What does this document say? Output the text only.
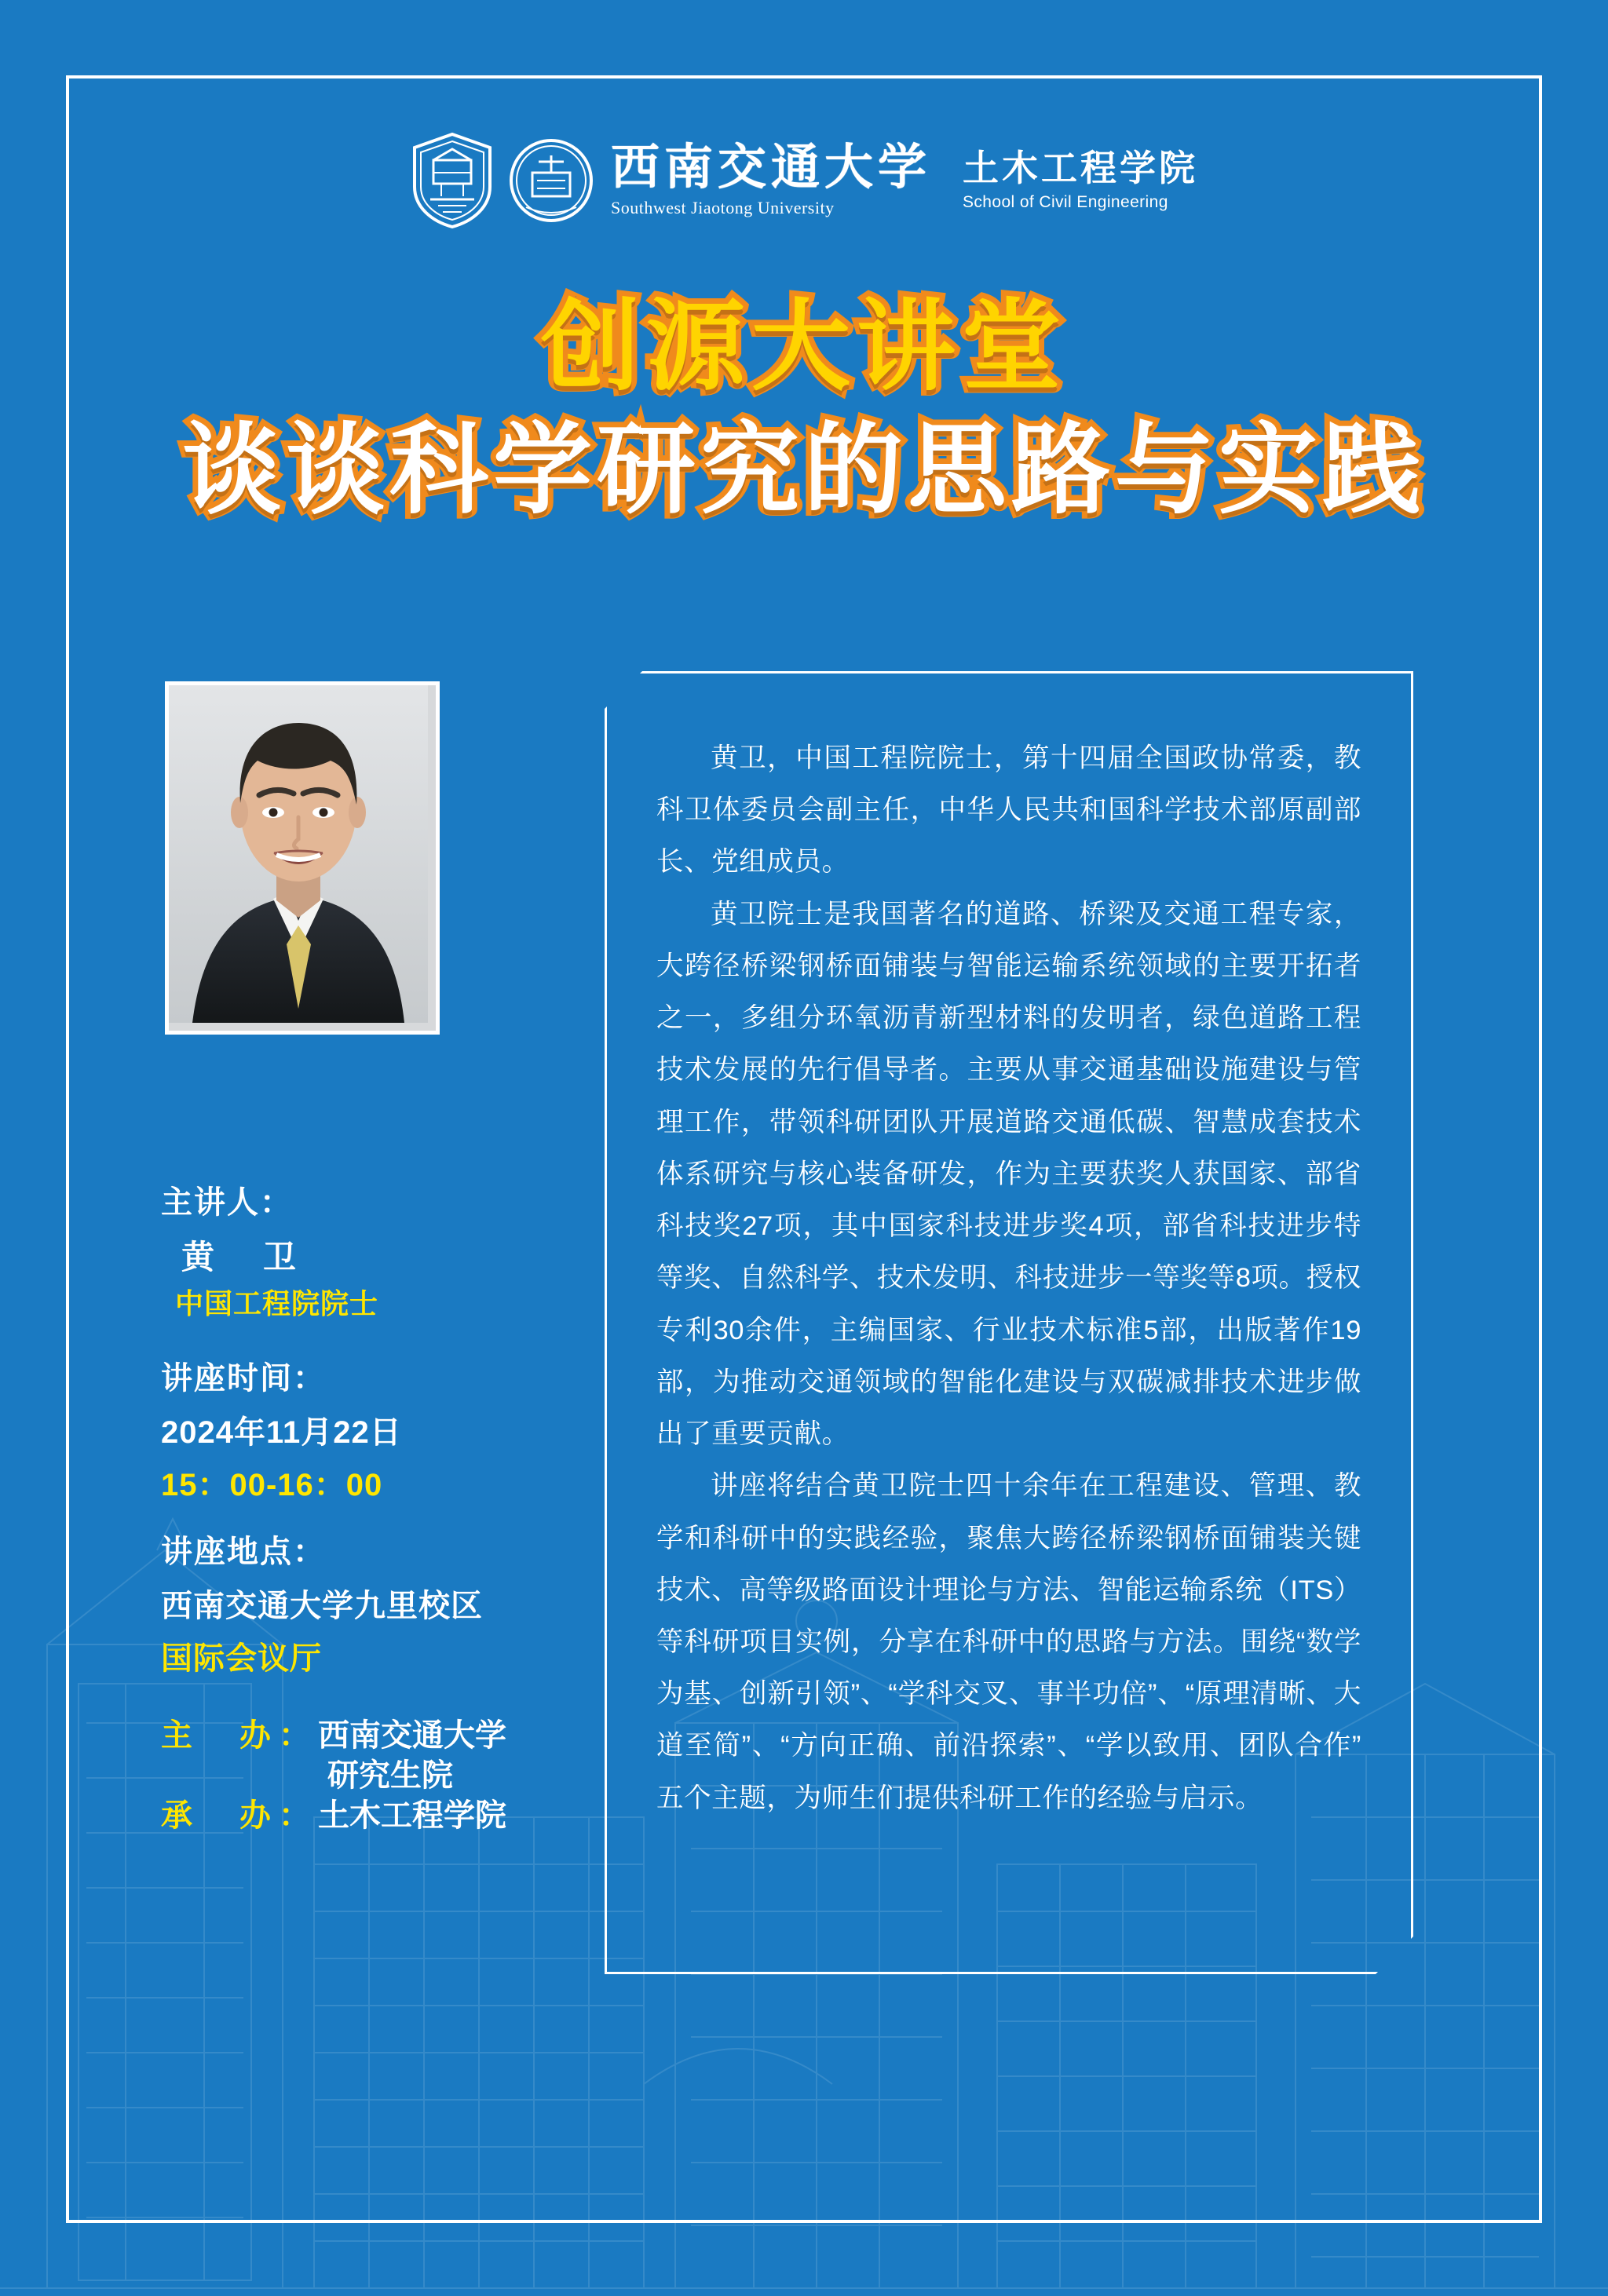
西南交通大学
Southwest Jiaotong University
土木工程学院
School of Civil Engineering
创源大讲堂
谈谈科学研究的思路与实践
主讲人：
黄　卫
中国工程院院士
讲座时间：
2024年11月22日
15：00-16：00
讲座地点：
西南交通大学九里校区
国际会议厅
主　办：西南交通大学
研究生院
承　办：土木工程学院

黄卫，中国工程院院士，第十四届全国政协常委，教科卫体委员会副主任，中华人民共和国科学技术部原副部长、党组成员。

黄卫院士是我国著名的道路、桥梁及交通工程专家，大跨径桥梁钢桥面铺装与智能运输系统领域的主要开拓者之一，多组分环氧沥青新型材料的发明者，绿色道路工程技术发展的先行倡导者。主要从事交通基础设施建设与管理工作，带领科研团队开展道路交通低碳、智慧成套技术体系研究与核心装备研发，作为主要获奖人获国家、部省科技奖27项，其中国家科技进步奖4项，部省科技进步特等奖、自然科学、技术发明、科技进步一等奖等8项。授权专利30余件，主编国家、行业技术标准5部，出版著作19部，为推动交通领域的智能化建设与双碳减排技术进步做出了重要贡献。

讲座将结合黄卫院士四十余年在工程建设、管理、教学和科研中的实践经验，聚焦大跨径桥梁钢桥面铺装关键技术、高等级路面设计理论与方法、智能运输系统（ITS）等科研项目实例，分享在科研中的思路与方法。围绕“数学为基、创新引领”、“学科交叉、事半功倍”、“原理清晰、大道至简”、“方向正确、前沿探索”、“学以致用、团队合作”五个主题，为师生们提供科研工作的经验与启示。
